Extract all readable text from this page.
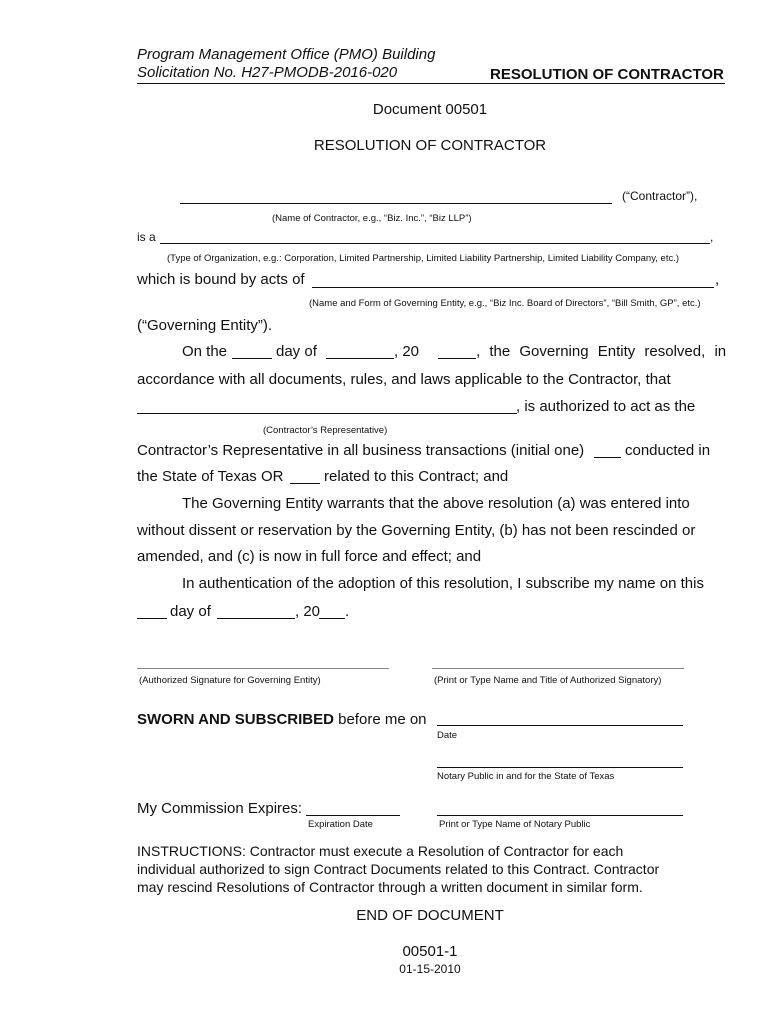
Program Management Office (PMO) Building
Solicitation No. H27-PMODB-2016-020	RESOLUTION OF CONTRACTOR
Document 00501
RESOLUTION OF CONTRACTOR
(“Contractor”),
(Name of Contractor, e.g., “Biz. Inc.”, “Biz LLP”)
is a	,
(Type of Organization, e.g.: Corporation, Limited Partnership, Limited Liability Partnership, Limited Liability Company, etc.)
which is bound by acts of	,
(Name and Form of Governing Entity, e.g., “Biz Inc. Board of Directors”, “Bill Smith, GP”, etc.)
(“Governing Entity”).
On the	day of	, 20	, the Governing Entity resolved, in
accordance with all documents, rules, and laws applicable to the Contractor, that
, is authorized to act as the
(Contractor’s Representative)
Contractor’s Representative in all business transactions (initial one)	conducted in
the State of Texas OR	related to this Contract; and
The Governing Entity warrants that the above resolution (a) was entered into
without dissent or reservation by the Governing Entity, (b) has not been rescinded or
amended, and (c) is now in full force and effect; and
In authentication of the adoption of this resolution, I subscribe my name on this
day of	, 20 .
(Authorized Signature for Governing Entity)	(Print or Type Name and Title of Authorized Signatory)
SWORN AND SUBSCRIBED before me on
Date
Notary Public in and for the State of Texas
My Commission Expires:
Expiration Date	Print or Type Name of Notary Public
INSTRUCTIONS: Contractor must execute a Resolution of Contractor for each
individual authorized to sign Contract Documents related to this Contract. Contractor
may rescind Resolutions of Contractor through a written document in similar form.
END OF DOCUMENT
00501-1
01-15-2010
